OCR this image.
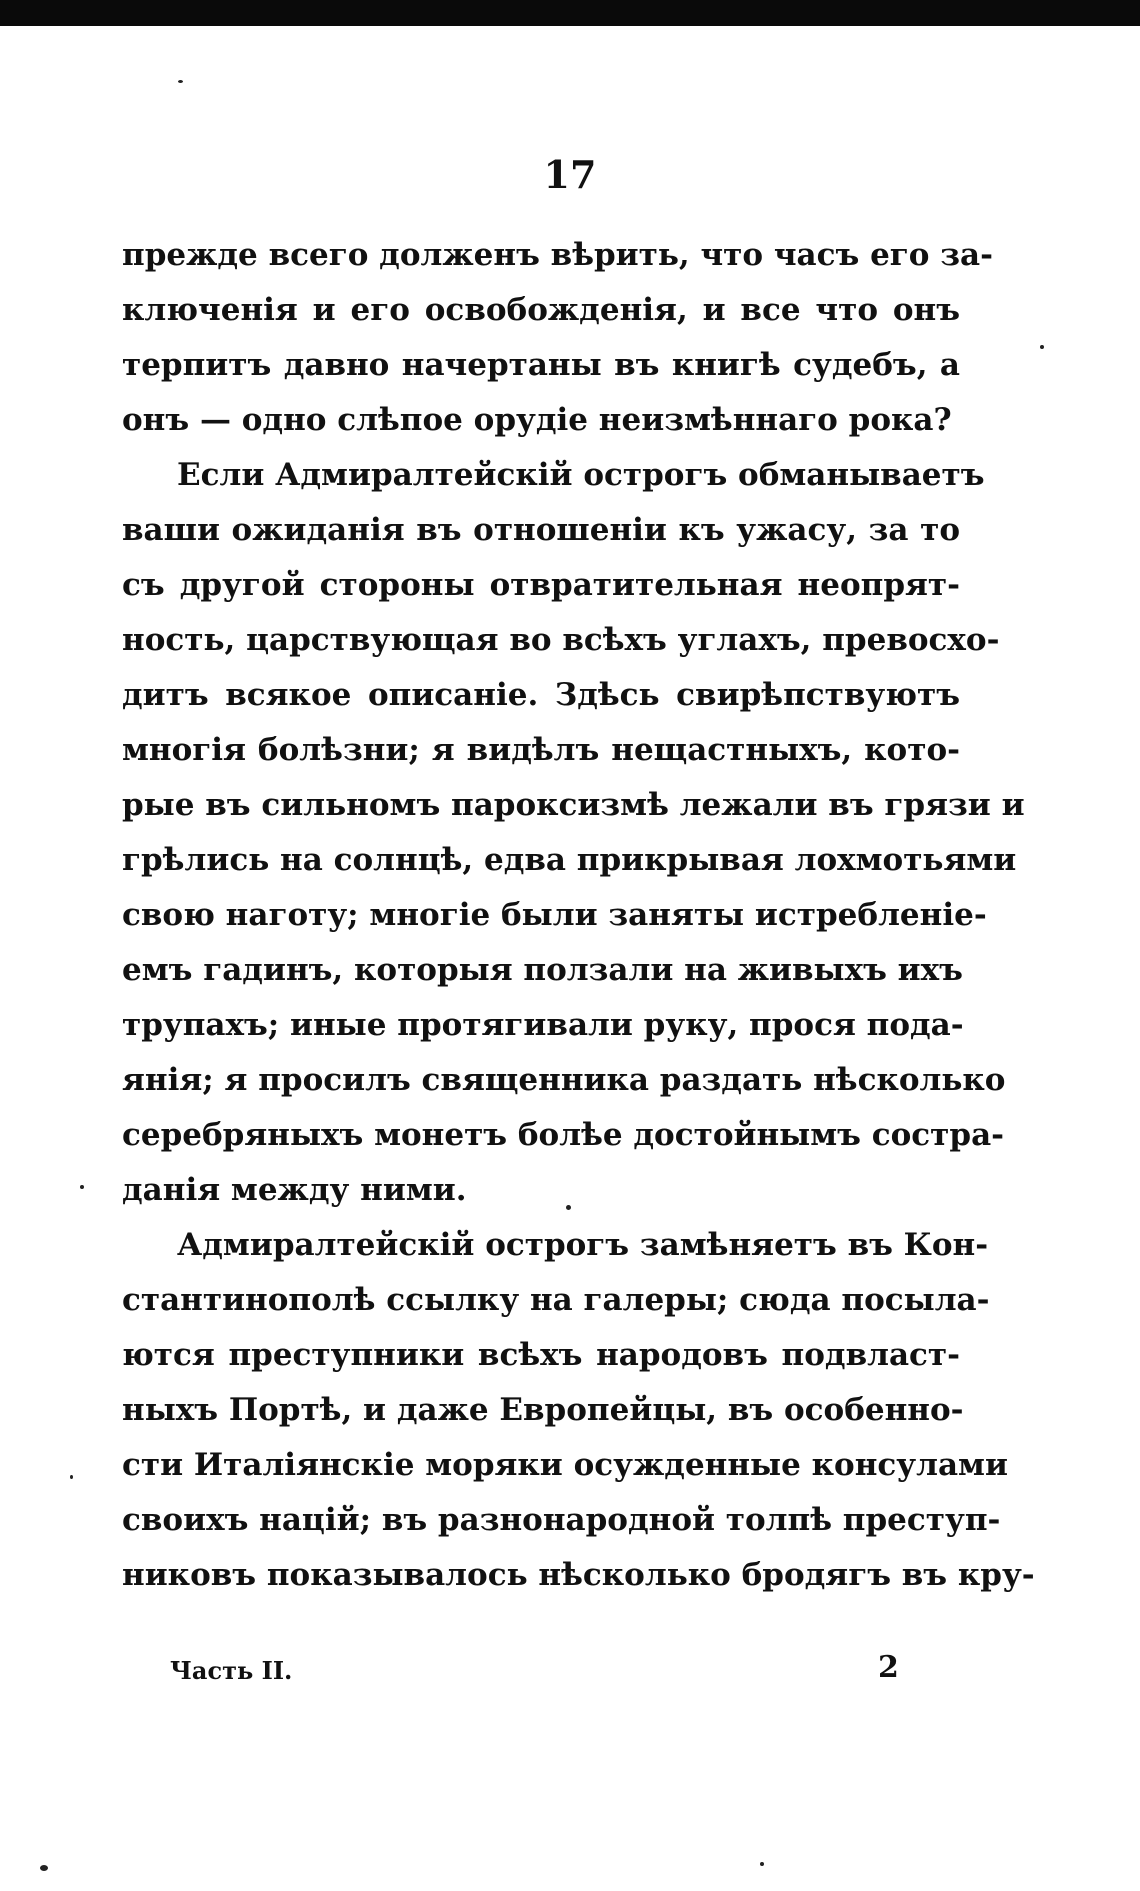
17
прежде всего долженъ вѣрить, что часъ его за-
ключенія и его освобожденія, и все что онъ
терпитъ давно начертаны въ книгѣ судебъ, а
онъ — одно слѣпое орудіе неизмѣннаго рока?
Если Адмиралтейскій острогъ обманываетъ
ваши ожиданія въ отношеніи къ ужасу, за то
съ другой стороны отвратительная неопрят-
ность, царствующая во всѣхъ углахъ, превосхо-
дитъ всякое описаніе. Здѣсь свирѣпствуютъ
многія болѣзни; я видѣлъ нещастныхъ, кото-
рые въ сильномъ пароксизмѣ лежали въ грязи и
грѣлись на солнцѣ, едва прикрывая лохмотьями
свою наготу; многіе были заняты истребленіе-
емъ гадинъ, которыя ползали на живыхъ ихъ
трупахъ; иные протягивали руку, прося пода-
янія; я просилъ священника раздать нѣсколько
серебряныхъ монетъ болѣе достойнымъ сострa-
данія между ними.
Адмиралтейскій острогъ замѣняетъ въ Кон-
стантинополѣ ссылку на галеры; сюда посыла-
ются преступники всѣхъ народовъ подвласт-
ныхъ Портѣ, и даже Европейцы, въ особенно-
сти Италіянскіе моряки осужденные консулами
своихъ націй; въ разнонародной толпѣ преступ-
никовъ показывалось нѣсколько бродягъ въ кру-
Часть II.	2
